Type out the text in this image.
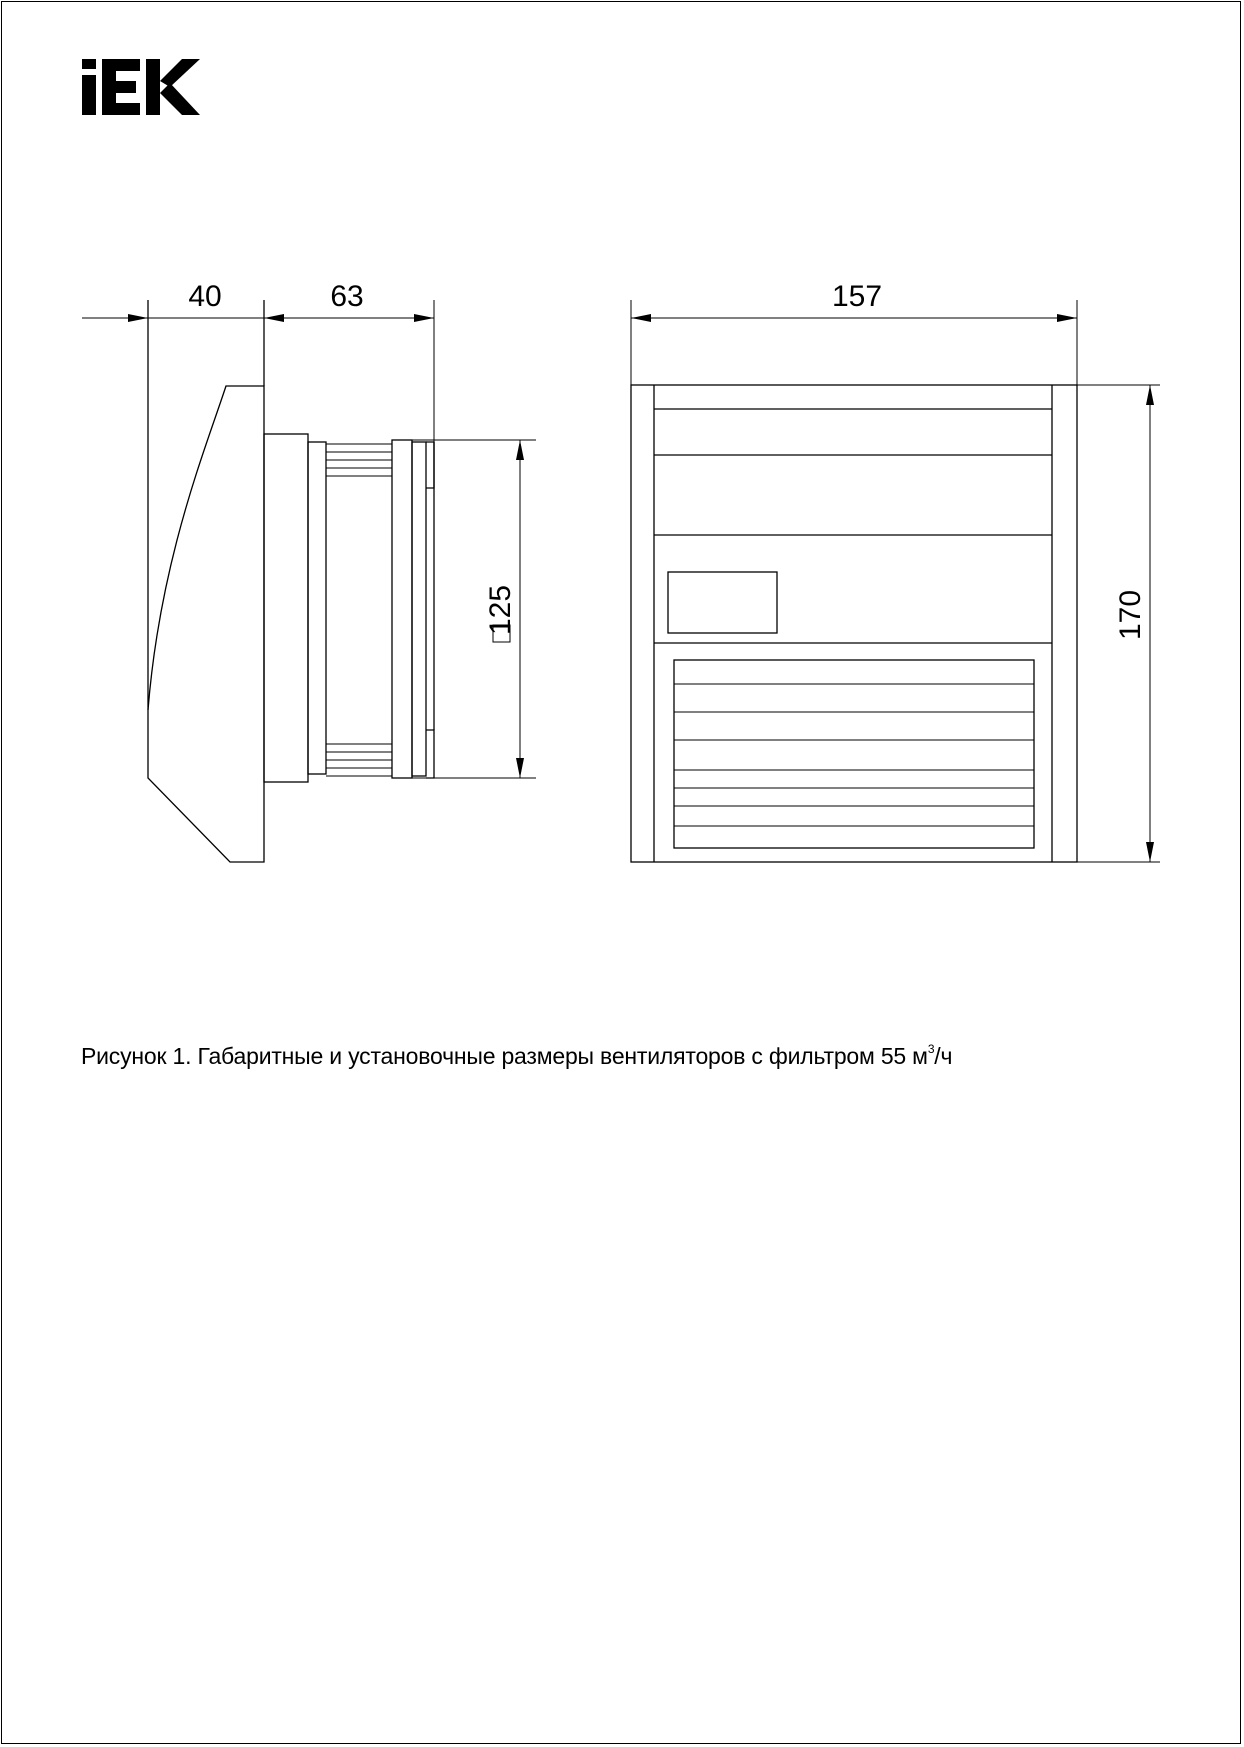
40	63
125
157
170
Рисунок 1. Габаритные и установочные размеры вентиляторов с фильтром 55 $м^3/ч$
